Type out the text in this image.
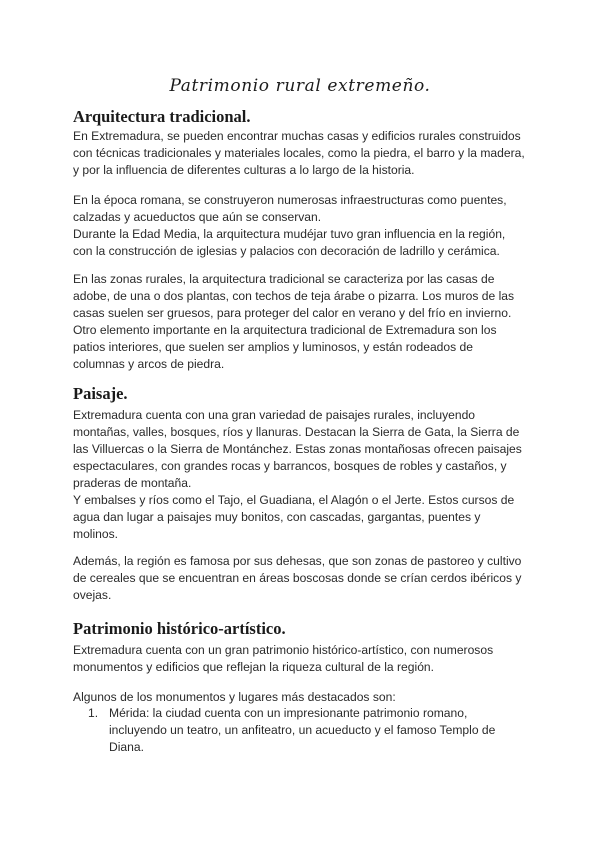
Patrimonio rural extremeño.
Arquitectura tradicional.

En Extremadura, se pueden encontrar muchas casas y edificios rurales construidos
con técnicas tradicionales y materiales locales, como la piedra, el barro y la madera,
y por la influencia de diferentes culturas a lo largo de la historia.

En la época romana, se construyeron numerosas infraestructuras como puentes,
calzadas y acueductos que aún se conservan.
Durante la Edad Media, la arquitectura mudéjar tuvo gran influencia en la región,
con la construcción de iglesias y palacios con decoración de ladrillo y cerámica.

En las zonas rurales, la arquitectura tradicional se caracteriza por las casas de
adobe, de una o dos plantas, con techos de teja árabe o pizarra. Los muros de las
casas suelen ser gruesos, para proteger del calor en verano y del frío en invierno.
Otro elemento importante en la arquitectura tradicional de Extremadura son los
patios interiores, que suelen ser amplios y luminosos, y están rodeados de
columnas y arcos de piedra.

Paisaje.

Extremadura cuenta con una gran variedad de paisajes rurales, incluyendo
montañas, valles, bosques, ríos y llanuras. Destacan la Sierra de Gata, la Sierra de
las Villuercas o la Sierra de Montánchez. Estas zonas montañosas ofrecen paisajes
espectaculares, con grandes rocas y barrancos, bosques de robles y castaños, y
praderas de montaña.
Y embalses y ríos como el Tajo, el Guadiana, el Alagón o el Jerte. Estos cursos de
agua dan lugar a paisajes muy bonitos, con cascadas, gargantas, puentes y
molinos.

Además, la región es famosa por sus dehesas, que son zonas de pastoreo y cultivo
de cereales que se encuentran en áreas boscosas donde se crían cerdos ibéricos y
ovejas.

Patrimonio histórico-artístico.

Extremadura cuenta con un gran patrimonio histórico-artístico, con numerosos
monumentos y edificios que reflejan la riqueza cultural de la región.

Algunos de los monumentos y lugares más destacados son:

1. Mérida: la ciudad cuenta con un impresionante patrimonio romano,
incluyendo un teatro, un anfiteatro, un acueducto y el famoso Templo de
Diana.
